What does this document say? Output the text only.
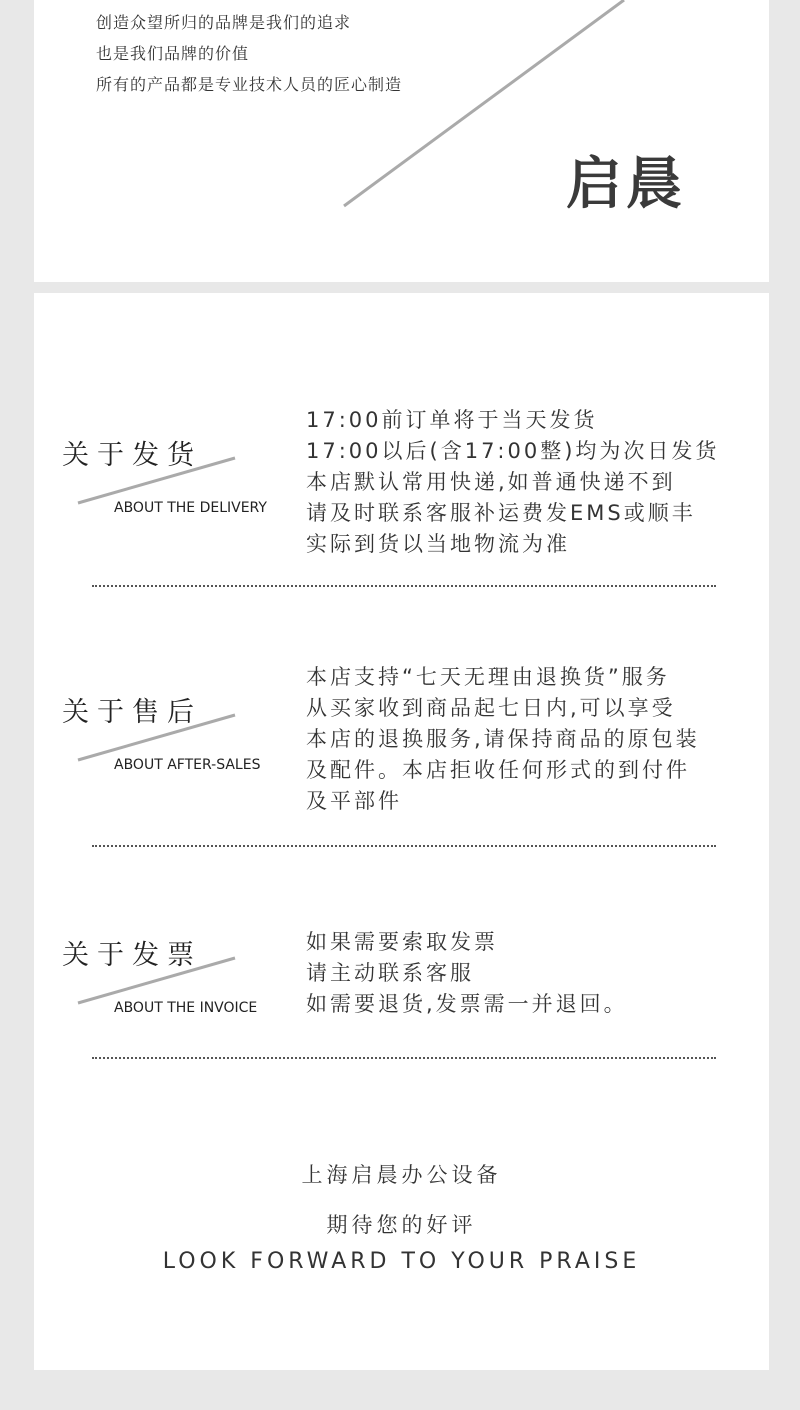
创造众望所归的品牌是我们的追求
也是我们品牌的价值
所有的产品都是专业技术人员的匠心制造
启晨
关于发货
ABOUT THE DELIVERY
17:00前订单将于当天发货
17:00以后(含17:00整)均为次日发货
本店默认常用快递,如普通快递不到
请及时联系客服补运费发EMS或顺丰
实际到货以当地物流为准
关于售后
ABOUT AFTER-SALES
本店支持“七天无理由退换货”服务
从买家收到商品起七日内,可以享受
本店的退换服务,请保持商品的原包装
及配件。本店拒收任何形式的到付件
及平部件
关于发票
ABOUT THE INVOICE
如果需要索取发票
请主动联系客服
如需要退货,发票需一并退回。
上海启晨办公设备
期待您的好评
LOOK FORWARD TO YOUR PRAISE
